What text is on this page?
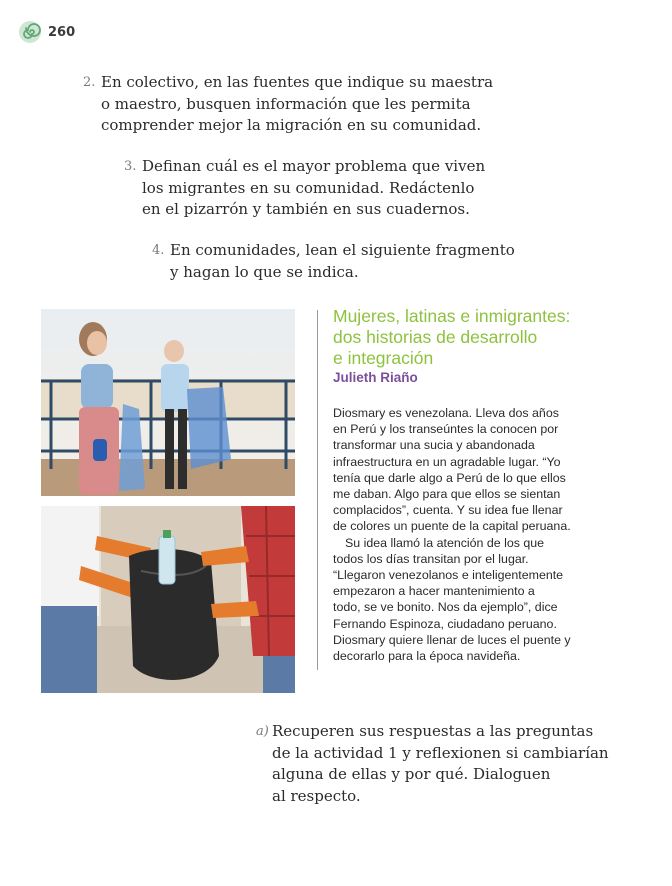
260
2. En colectivo, en las fuentes que indique su maestra
o maestro, busquen información que les permita
comprender mejor la migración en su comunidad.
3. Definan cuál es el mayor problema que viven
los migrantes en su comunidad. Redáctenlo
en el pizarrón y también en sus cuadernos.
4. En comunidades, lean el siguiente fragmento
y hagan lo que se indica.
Mujeres, latinas e inmigrantes:
dos historias de desarrollo
e integración
Julieth Riaño
Diosmary es venezolana. Lleva dos años
en Perú y los transeúntes la conocen por
transformar una sucia y abandonada
infraestructura en un agradable lugar. “Yo
tenía que darle algo a Perú de lo que ellos
me daban. Algo para que ellos se sientan
complacidos”, cuenta. Y su idea fue llenar
de colores un puente de la capital peruana.
Su idea llamó la atención de los que
todos los días transitan por el lugar.
“Llegaron venezolanos e inteligentemente
empezaron a hacer mantenimiento a
todo, se ve bonito. Nos da ejemplo”, dice
Fernando Espinoza, ciudadano peruano.
Diosmary quiere llenar de luces el puente y
decorarlo para la época navideña.
a) Recuperen sus respuestas a las preguntas
de la actividad 1 y reflexionen si cambiarían
alguna de ellas y por qué. Dialoguen
al respecto.
